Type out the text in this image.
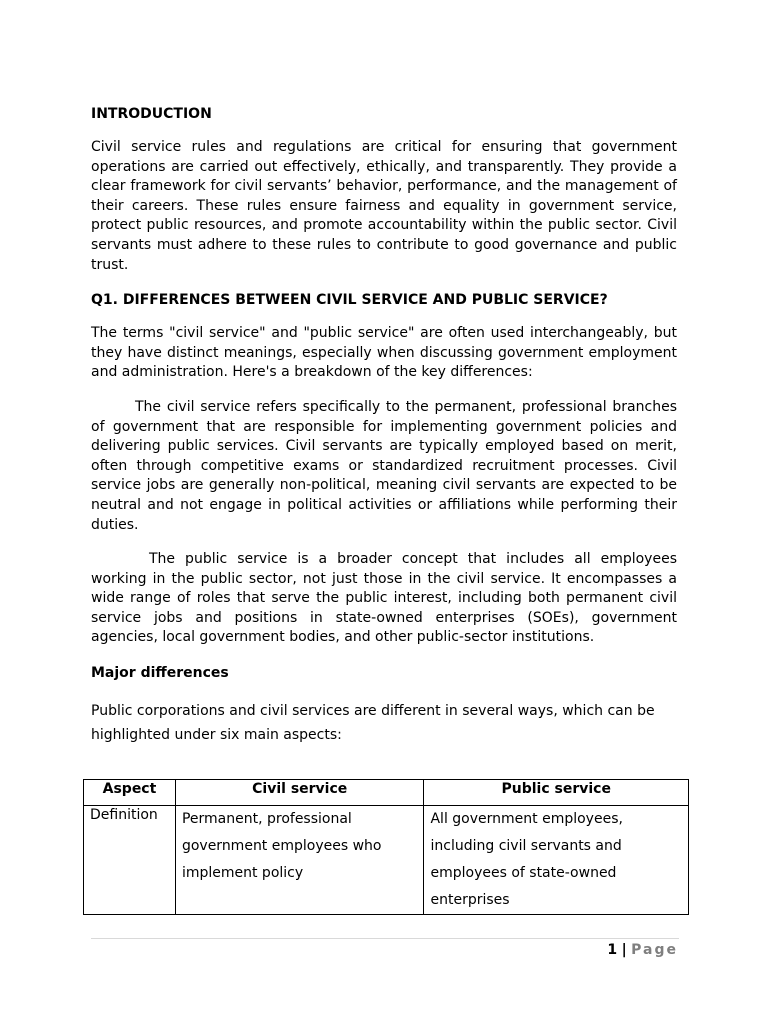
INTRODUCTION

Civil service rules and regulations are critical for ensuring that government operations are carried out effectively, ethically, and transparently. They provide a clear framework for civil servants’ behavior, performance, and the management of their careers. These rules ensure fairness and equality in government service, protect public resources, and promote accountability within the public sector. Civil servants must adhere to these rules to contribute to good governance and public trust.

Q1. DIFFERENCES BETWEEN CIVIL SERVICE AND PUBLIC SERVICE?

The terms "civil service" and "public service" are often used interchangeably, but they have distinct meanings, especially when discussing government employment and administration. Here's a breakdown of the key differences:

The civil service refers specifically to the permanent, professional branches of government that are responsible for implementing government policies and delivering public services. Civil servants are typically employed based on merit, often through competitive exams or standardized recruitment processes. Civil service jobs are generally non-political, meaning civil servants are expected to be neutral and not engage in political activities or affiliations while performing their duties.

The public service is a broader concept that includes all employees working in the public sector, not just those in the civil service. It encompasses a wide range of roles that serve the public interest, including both permanent civil service jobs and positions in state-owned enterprises (SOEs), government agencies, local government bodies, and other public-sector institutions.

Major differences

Public corporations and civil services are different in several ways, which can be highlighted under six main aspects:

Aspect	Civil service	Public service
Definition	Permanent, professional government employees who implement policy	All government employees, including civil servants and employees of state-owned enterprises
1 | Page
